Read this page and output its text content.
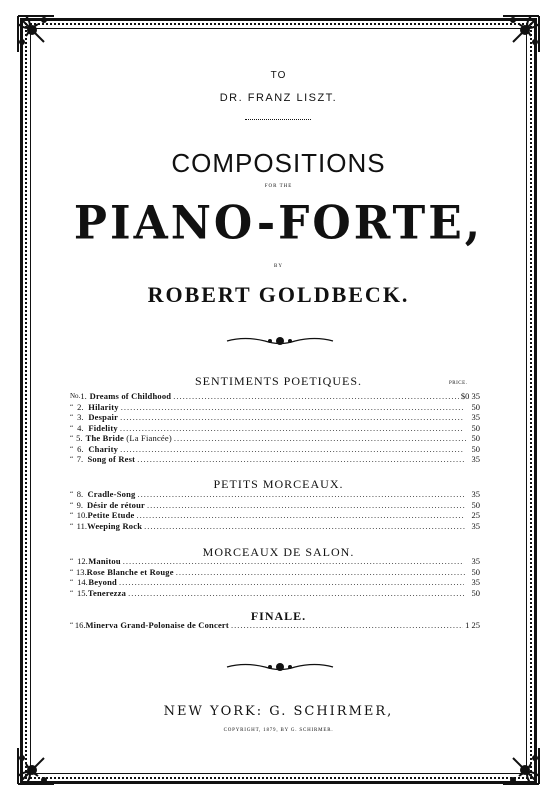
TO
DR. FRANZ LISZT.
COMPOSITIONS
FOR THE
PIANO-FORTE,
BY
ROBERT GOLDBECK.
SENTIMENTS POETIQUES.	PRICE.
No. 1. Dreams of Childhood .....	$0 35
“ 2. Hilarity .....	50
“ 3. Despair .....	35
“ 4. Fidelity .....	50
“ 5. The Bride (La Fiancée) .....	50
“ 6. Charity .....	50
“ 7. Song of Rest .....	35
PETITS MORCEAUX.
“ 8. Cradle-Song .....	35
“ 9. Désir de rétour .....	50
“ 10. Petite Etude .....	25
“ 11. Weeping Rock .....	35
MORCEAUX DE SALON.
“ 12. Manitou .....	35
“ 13. Rose Blanche et Rouge .....	50
“ 14. Beyond .....	35
“ 15. Tenerezza .....	50
FINALE.
“ 16. Minerva Grand-Polonaise de Concert .....	1 25
NEW YORK: G. SCHIRMER,
COPYRIGHT, 1879, BY G. SCHIRMER.
